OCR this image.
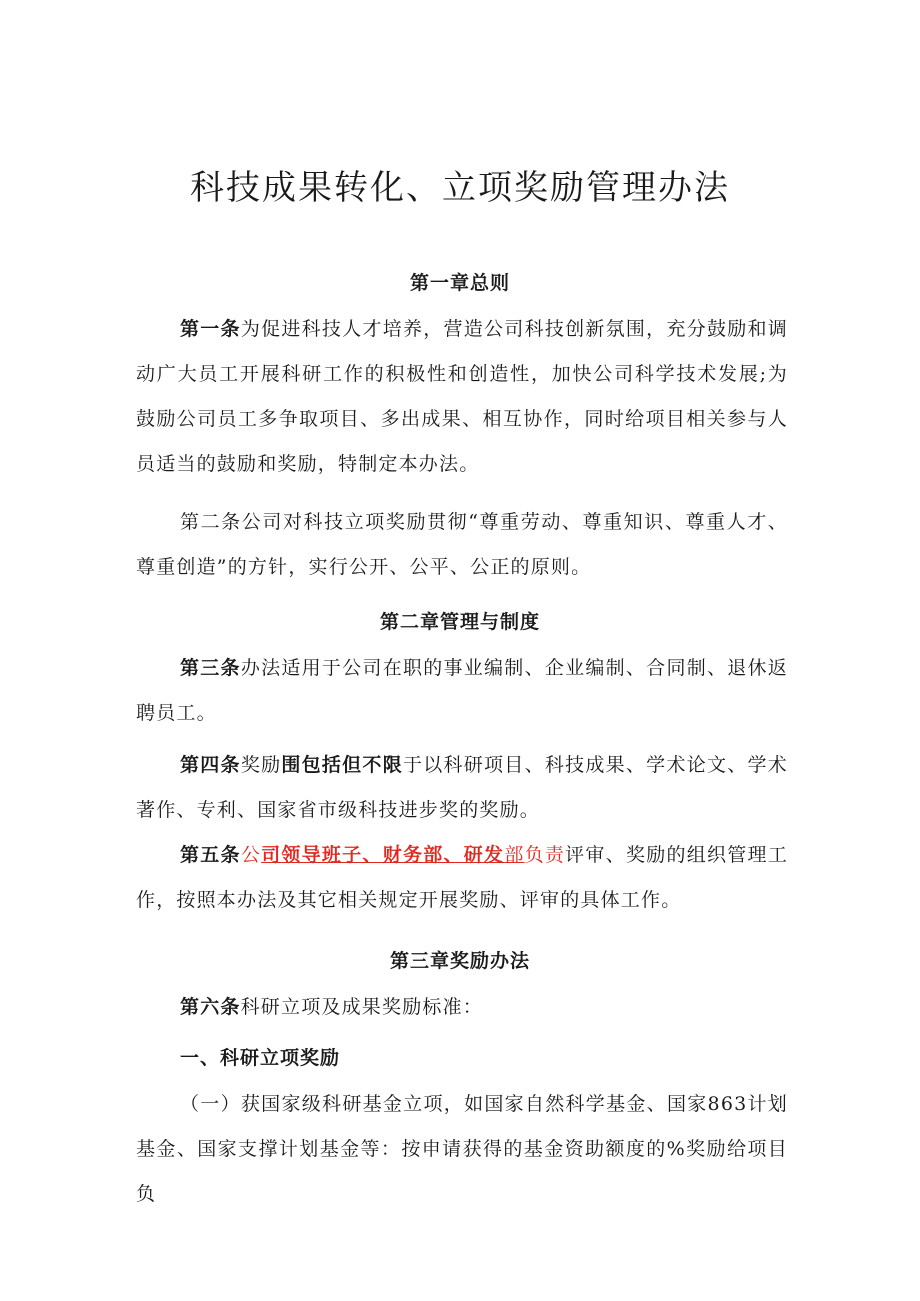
科技成果转化、立项奖励管理办法
第一章总则

第一条为促进科技人才培养，营造公司科技创新氛围，充分鼓励和调动广大员工开展科研工作的积极性和创造性，加快公司科学技术发展;为鼓励公司员工多争取项目、多出成果、相互协作，同时给项目相关参与人员适当的鼓励和奖励，特制定本办法。

第二条公司对科技立项奖励贯彻“尊重劳动、尊重知识、尊重人才、尊重创造”的方针，实行公开、公平、公正的原则。

第二章管理与制度

第三条办法适用于公司在职的事业编制、企业编制、合同制、退休返聘员工。

第四条奖励围包括但不限于以科研项目、科技成果、学术论文、学术著作、专利、国家省市级科技进步奖的奖励。

第五条公司领导班子、财务部、研发部负责评审、奖励的组织管理工作，按照本办法及其它相关规定开展奖励、评审的具体工作。

第三章奖励办法

第六条科研立项及成果奖励标准：

一、科研立项奖励

（一）获国家级科研基金立项，如国家自然科学基金、国家863计划基金、国家支撑计划基金等：按申请获得的基金资助额度的%奖励给项目负
